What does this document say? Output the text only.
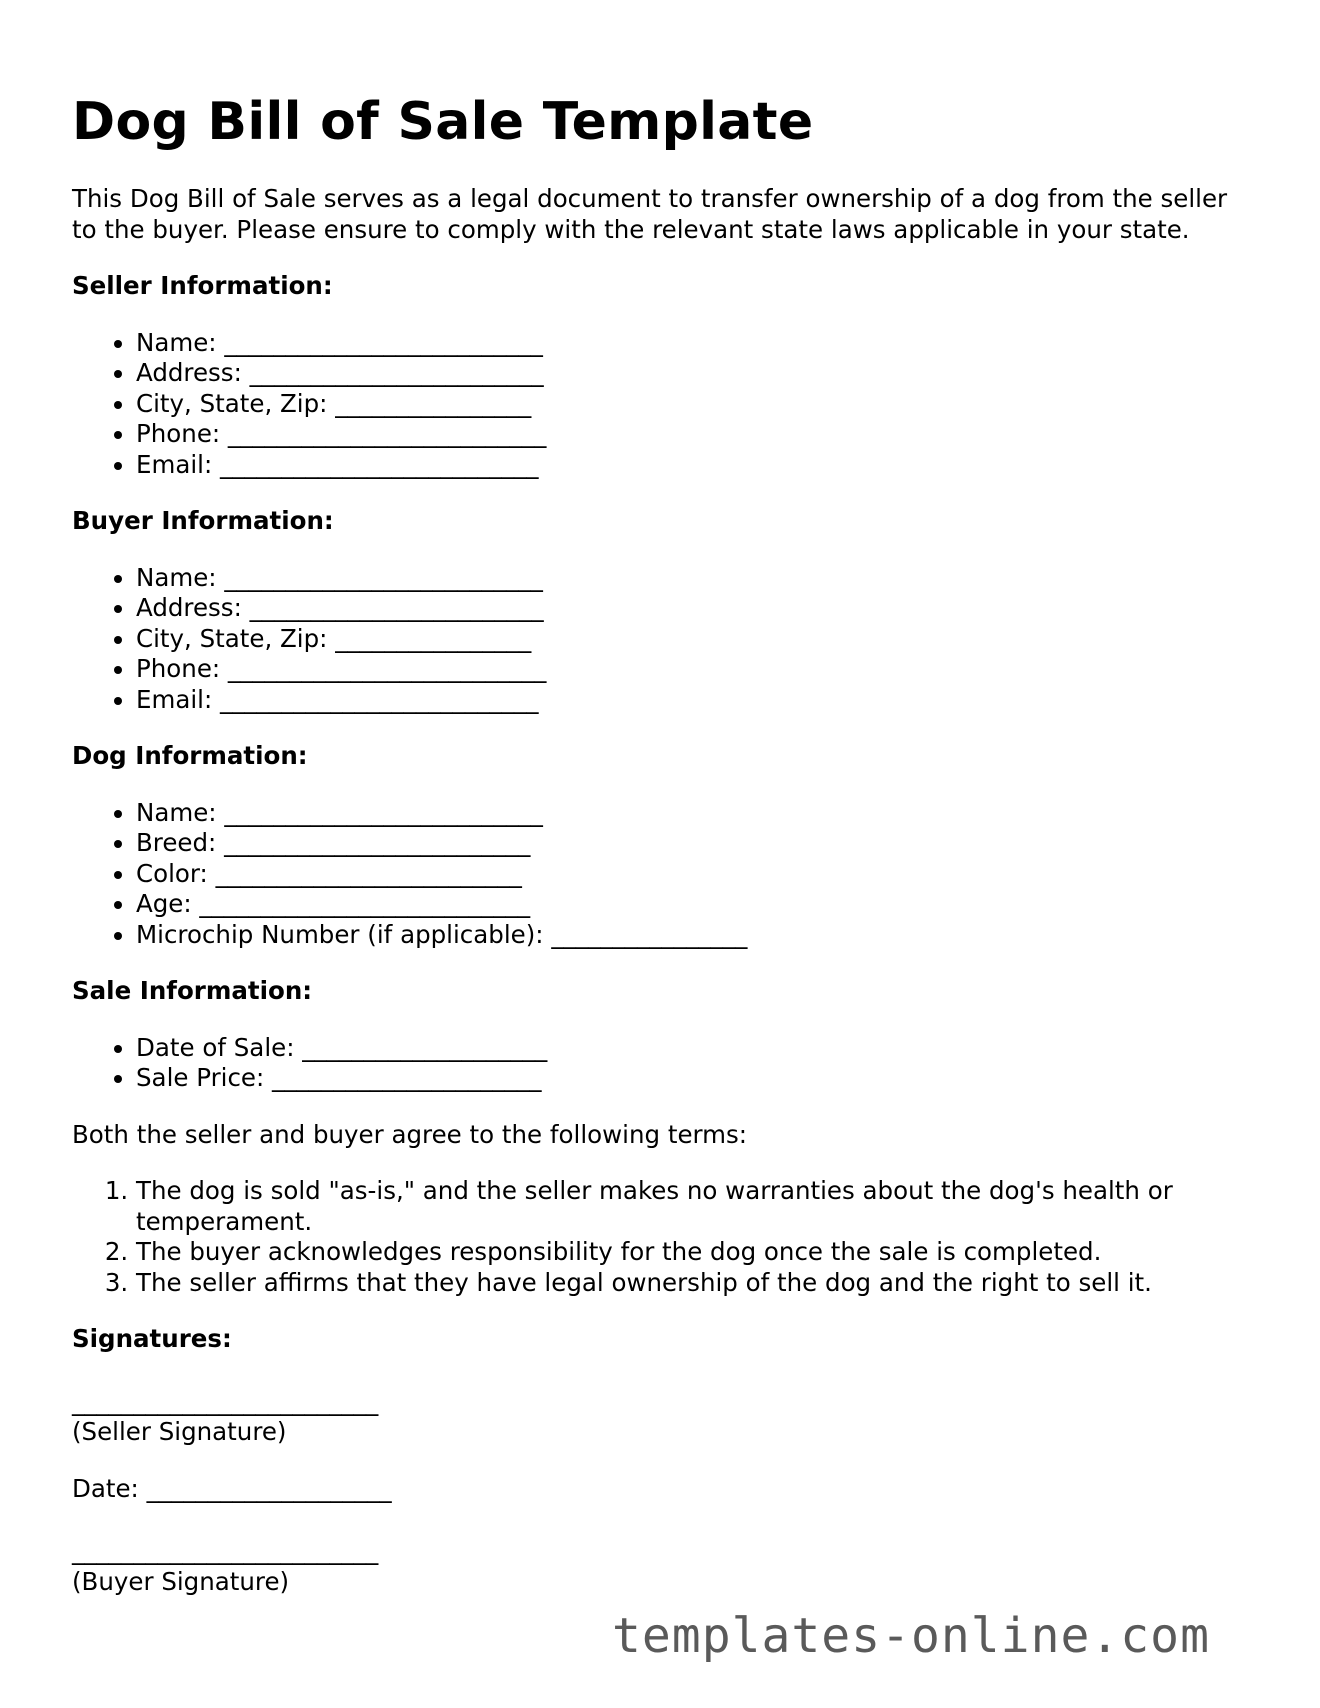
Dog Bill of Sale Template

This Dog Bill of Sale serves as a legal document to transfer ownership of a dog from the seller to the buyer. Please ensure to comply with the relevant state laws applicable in your state.

Seller Information:
• Name: __________________________
• Address: ________________________
• City, State, Zip: ________________
• Phone: __________________________
• Email: __________________________
Buyer Information:
• Name: __________________________
• Address: ________________________
• City, State, Zip: ________________
• Phone: __________________________
• Email: __________________________
Dog Information:
• Name: __________________________
• Breed: _________________________
• Color: _________________________
• Age: ___________________________
• Microchip Number (if applicable): ________________
Sale Information:
• Date of Sale: ____________________
• Sale Price: ______________________

Both the seller and buyer agree to the following terms:

1. The dog is sold "as-is," and the seller makes no warranties about the dog's health or temperament.
2. The buyer acknowledges responsibility for the dog once the sale is completed.
3. The seller affirms that they have legal ownership of the dog and the right to sell it.
Signatures:
_________________________
(Seller Signature)
Date: ____________________
_________________________
(Buyer Signature)
templates-online.com
